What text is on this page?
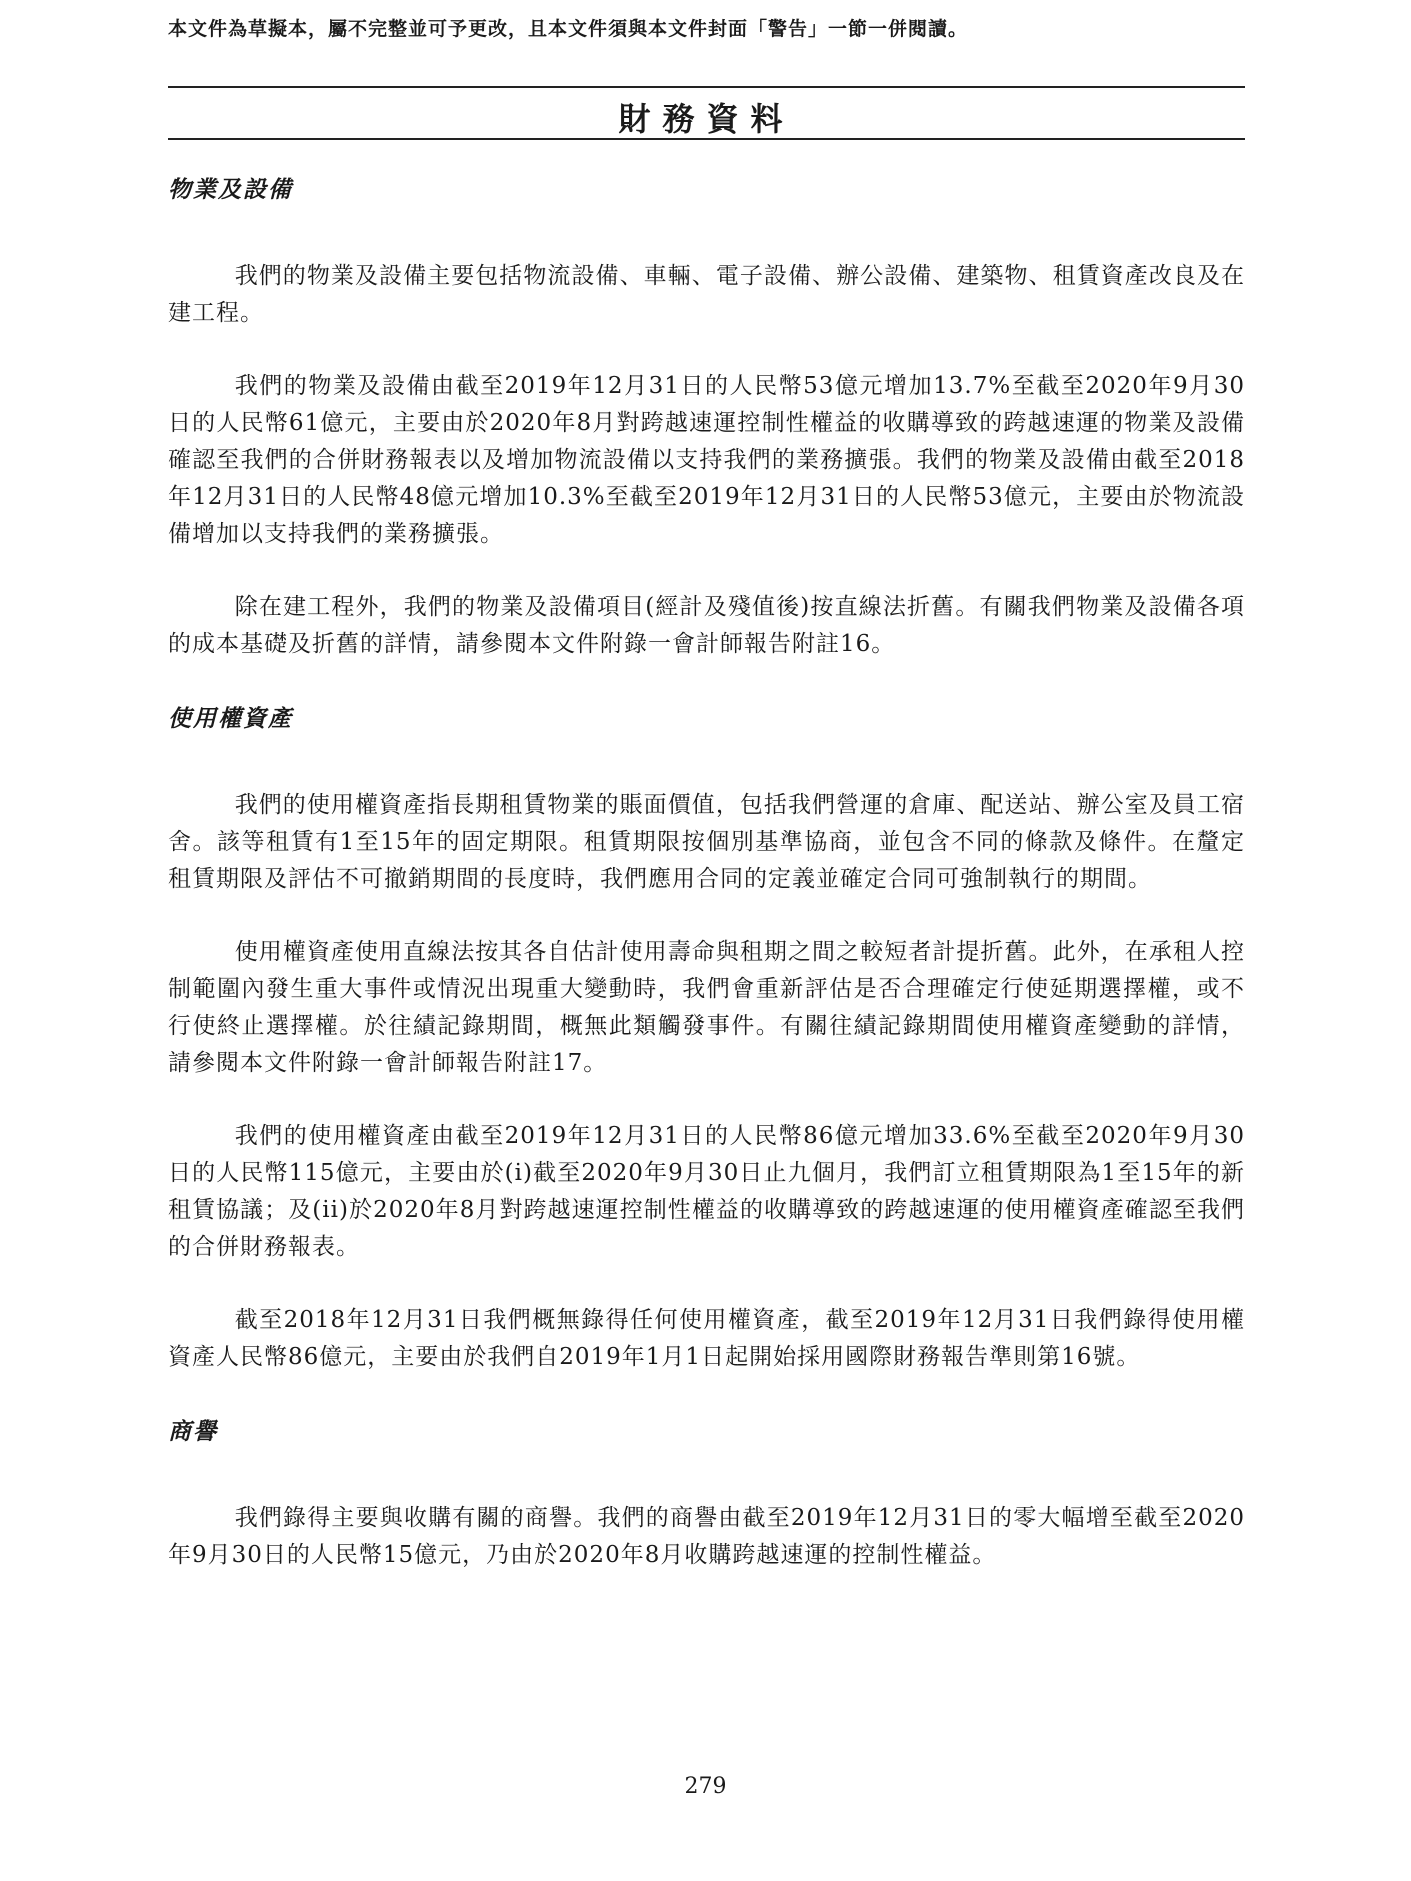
本文件為草擬本，屬不完整並可予更改，且本文件須與本文件封面「警告」一節一併閱讀。
財務資料
物業及設備

我們的物業及設備主要包括物流設備、車輛、電子設備、辦公設備、建築物、租賃資產改良及在建工程。

我們的物業及設備由截至2019年12月31日的人民幣53億元增加13.7%至截至2020年9月30日的人民幣61億元，主要由於2020年8月對跨越速運控制性權益的收購導致的跨越速運的物業及設備確認至我們的合併財務報表以及增加物流設備以支持我們的業務擴張。我們的物業及設備由截至2018年12月31日的人民幣48億元增加10.3%至截至2019年12月31日的人民幣53億元，主要由於物流設備增加以支持我們的業務擴張。

除在建工程外，我們的物業及設備項目(經計及殘值後)按直線法折舊。有關我們物業及設備各項的成本基礎及折舊的詳情，請參閱本文件附錄一會計師報告附註16。

使用權資產

我們的使用權資產指長期租賃物業的賬面價值，包括我們營運的倉庫、配送站、辦公室及員工宿舍。該等租賃有1至15年的固定期限。租賃期限按個別基準協商，並包含不同的條款及條件。在釐定租賃期限及評估不可撤銷期間的長度時，我們應用合同的定義並確定合同可強制執行的期間。

使用權資產使用直線法按其各自估計使用壽命與租期之間之較短者計提折舊。此外，在承租人控制範圍內發生重大事件或情況出現重大變動時，我們會重新評估是否合理確定行使延期選擇權，或不行使終止選擇權。於往績記錄期間，概無此類觸發事件。有關往績記錄期間使用權資產變動的詳情，請參閱本文件附錄一會計師報告附註17。

我們的使用權資產由截至2019年12月31日的人民幣86億元增加33.6%至截至2020年9月30日的人民幣115億元，主要由於(i)截至2020年9月30日止九個月，我們訂立租賃期限為1至15年的新租賃協議；及(ii)於2020年8月對跨越速運控制性權益的收購導致的跨越速運的使用權資產確認至我們的合併財務報表。

截至2018年12月31日我們概無錄得任何使用權資產，截至2019年12月31日我們錄得使用權資產人民幣86億元，主要由於我們自2019年1月1日起開始採用國際財務報告準則第16號。

商譽

我們錄得主要與收購有關的商譽。我們的商譽由截至2019年12月31日的零大幅增至截至2020年9月30日的人民幣15億元，乃由於2020年8月收購跨越速運的控制性權益。

279
